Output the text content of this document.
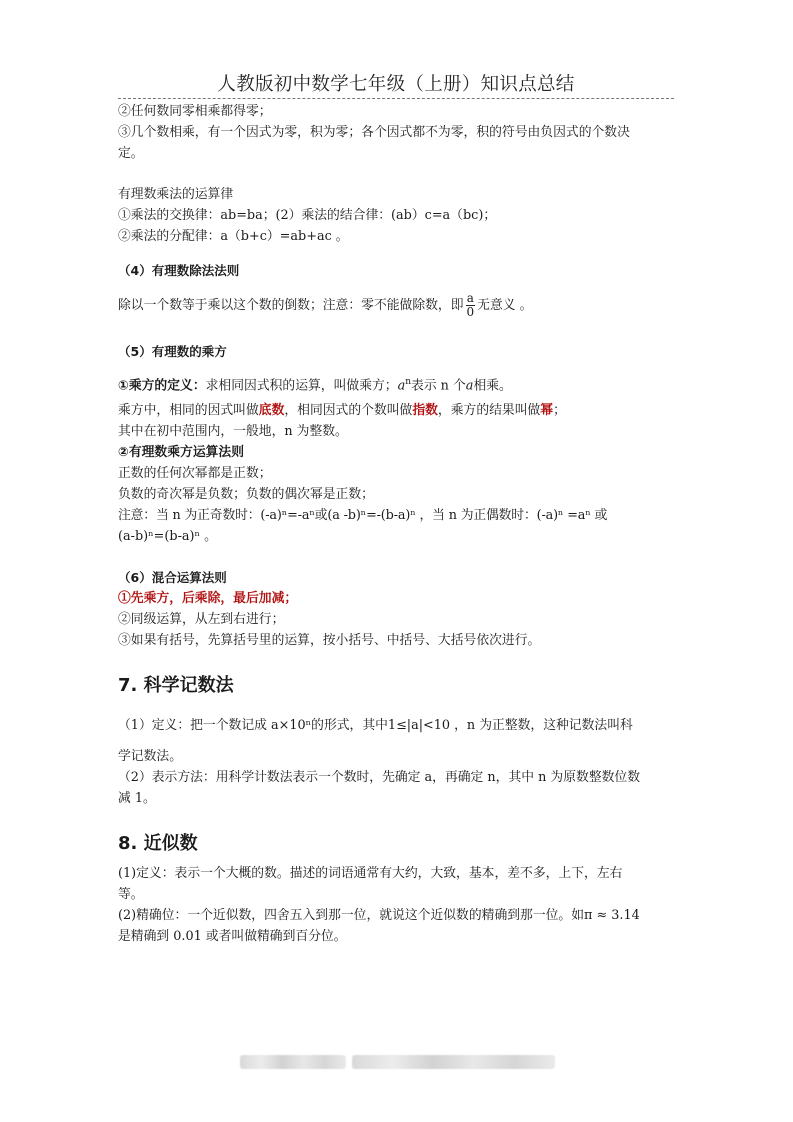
人教版初中数学七年级（上册）知识点总结
②任何数同零相乘都得零；
③几个数相乘，有一个因式为零，积为零；各个因式都不为零，积的符号由负因式的个数决
定。
有理数乘法的运算律
①乘法的交换律：ab=ba；(2）乘法的结合律：(ab）c=a（bc)；
②乘法的分配律：a（b+c）=ab+ac 。
（4）有理数除法法则
除以一个数等于乘以这个数的倒数；注意：零不能做除数，即 $\frac{a}{0}$ 无意义 。
（5）有理数的乘方
①乘方的定义：求相同因式积的运算，叫做乘方；$a^n$表示 n 个a相乘。
乘方中，相同的因式叫做底数，相同因式的个数叫做指数，乘方的结果叫做幂；
其中在初中范围内，一般地，n 为整数。
②有理数乘方运算法则
正数的任何次幂都是正数；
负数的奇次幂是负数；负数的偶次幂是正数；
注意：当 n 为正奇数时：(-a)ⁿ=-aⁿ或(a -b)ⁿ=-(b-a)ⁿ ，当 n 为正偶数时：(-a)ⁿ =aⁿ 或
(a-b)ⁿ=(b-a)ⁿ 。
（6）混合运算法则
①先乘方，后乘除，最后加减；
②同级运算，从左到右进行；
③如果有括号，先算括号里的运算，按小括号、中括号、大括号依次进行。
7. 科学记数法
（1）定义：把一个数记成 a×10ⁿ的形式，其中1≤|a|<10 ，n 为正整数，这种记数法叫科
学记数法。
（2）表示方法：用科学计数法表示一个数时，先确定 a，再确定 n，其中 n 为原数整数位数
减 1。
8. 近似数
(1)定义：表示一个大概的数。描述的词语通常有大约，大致，基本，差不多，上下，左右
等。
(2)精确位：一个近似数，四舍五入到那一位，就说这个近似数的精确到那一位。如π ≈ 3.14
是精确到 0.01 或者叫做精确到百分位。
